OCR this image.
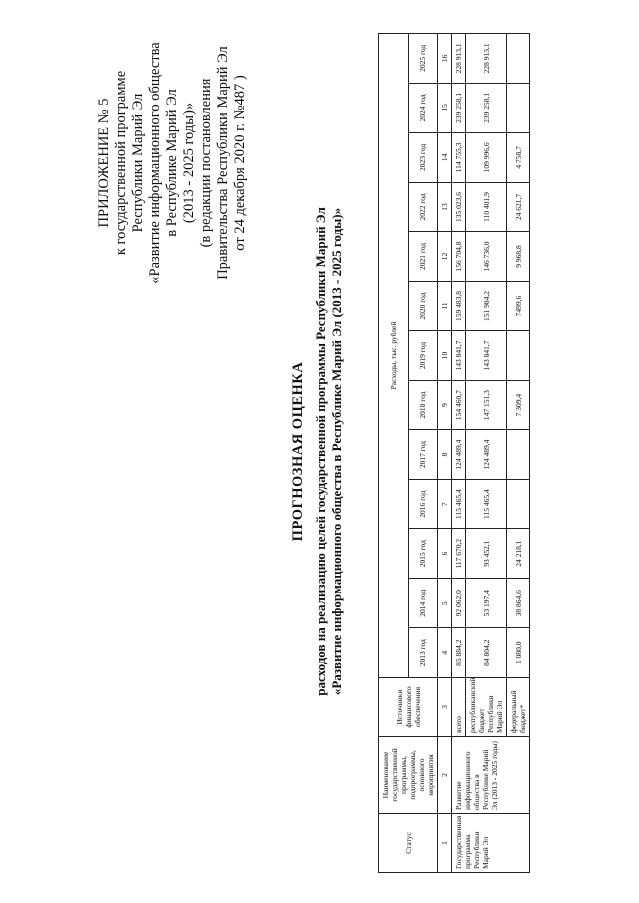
ПРИЛОЖЕНИЕ № 5 к государственной программе Республики Марий Эл «Развитие информационного общества в Республике Марий Эл (2013 - 2025 годы)» (в редакции постановления Правительства Республики Марий Эл от 24 декабря 2020 г. №487 )
ПРОГНОЗНАЯ ОЦЕНКА расходов на реализацию целей государственной программы Республики Марий Эл «Развитие информационного общества в Республике Марий Эл (2013 - 2025 годы)»
Статус	Наименование государственной программы, подпрограммы, основного мероприятия	Источники финансового обеспечения	Расходы, тыс. рублей												
			2013 год	2014 год	2015 год	2016 год	2017 год	2018 год	2019 год	2020 год	2021 год	2022 год	2023 год	2024 год	2025 год
1	2	3	4	5	6	7	8	9	10	11	12	13	14	15	16
Государственная программа Республики Марий Эл	Развитие информационного общества в Республике Марий Эл (2013 - 2025 годы)	всего	85 884,2	92 062,0	117 670,2	115 465,4	124 489,4	154 460,7	143 841,7	159 483,8	156 704,8	135 023,6	114 755,3	239 258,1	228 913,1
		республиканский бюджет Республики Марий Эл	84 804,2	53 197,4	93 452,1	115 465,4	124 489,4	147 151,3	143 841,7	151 984,2	146 736,0	110 401,9	109 996,6	239 258,1	228 913,1
		федеральный бюджет*	1 080,0	38 864,6	24 218,1			7 309,4		7499,6	9 968,8	24 621,7	4 758,7		
